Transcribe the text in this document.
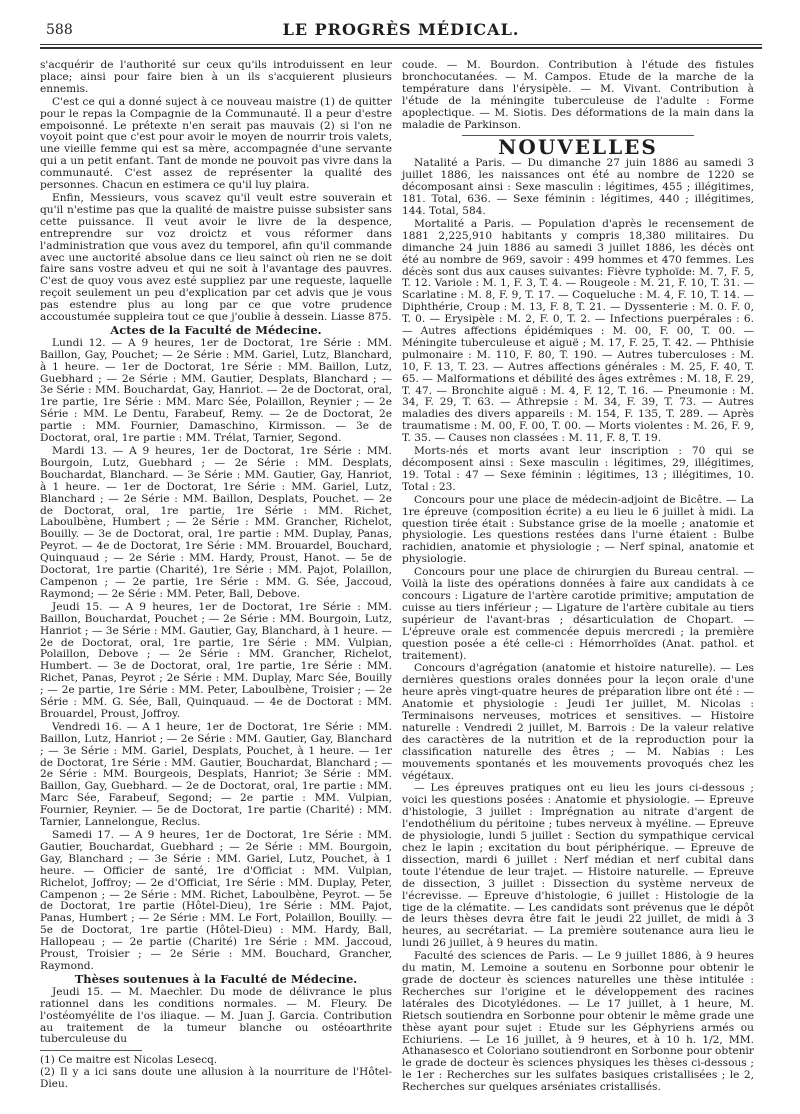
588	LE PROGRÈS MÉDICAL.

s'acquérir de l'authorité sur ceux qu'ils introduissent en leur place; ainsi pour faire bien à un ils s'acquierent plusieurs ennemis.

C'est ce qui a donné suject à ce nouveau maistre (1) de quitter pour le repas la Compagnie de la Communauté. Il a peur d'estre empoisonné. Le prétexte n'en serait pas mauvais (2) si l'on ne voyoit point que c'est pour avoir le moyen de nourrir trois valets, une vieille femme qui est sa mère, accompagnée d'une servante qui a un petit enfant. Tant de monde ne pouvoit pas vivre dans la communauté. C'est assez de représenter la qualité des personnes. Chacun en estimera ce qu'il luy plaira.

Enfin, Messieurs, vous scavez qu'il veult estre souverain et qu'il n'estime pas que la qualité de maistre puisse subsister sans cette puissance. Il veut avoir le livre de la despence, entreprendre sur voz droictz et vous réformer dans l'administration que vous avez du temporel, afin qu'il commande avec une auctorité absolue dans ce lieu sainct où rien ne se doit faire sans vostre adveu et qui ne soit à l'avantage des pauvres. C'est de quoy vous avez esté suppliez par une requeste, laquelle reçoit seulement un peu d'explication par cet advis que je vous pas estendre plus au long par ce que votre prudence accoustumée suppleira tout ce que j'oublie à dessein. Liasse 875.

Actes de la Faculté de Médecine.

Lundi 12. — A 9 heures, 1er de Doctorat, 1re Série : MM. Baillon, Gay, Pouchet; — 2e Série : MM. Gariel, Lutz, Blanchard, à 1 heure. — 1er de Doctorat, 1re Série : MM. Baillon, Lutz, Guebhard ; — 2e Série : MM. Gautier, Desplats, Blanchard ; — 3e Série : MM. Bouchardat, Gay, Hanriot. — 2e de Doctorat, oral, 1re partie, 1re Série : MM. Marc Sée, Polaillon, Reynier ; — 2e Série : MM. Le Dentu, Farabeuf, Remy. — 2e de Doctorat, 2e partie : MM. Fournier, Damaschino, Kirmisson. — 3e de Doctorat, oral, 1re partie : MM. Trélat, Tarnier, Segond.

Mardi 13. — A 9 heures, 1er de Doctorat, 1re Série : MM. Bourgoin, Lutz, Guebhard ; — 2e Série : MM. Desplats, Bouchardat, Blanchard. — 3e Série : MM. Gautier, Gay, Hanriot, à 1 heure. — 1er de Doctorat, 1re Série : MM. Gariel, Lutz, Blanchard ; — 2e Série : MM. Baillon, Desplats, Pouchet. — 2e de Doctorat, oral, 1re partie, 1re Série : MM. Richet, Laboulbène, Humbert ; — 2e Série : MM. Grancher, Richelot, Bouilly. — 3e de Doctorat, oral, 1re partie : MM. Duplay, Panas, Peyrot. — 4e de Doctorat, 1re Série : MM. Brouardel, Bouchard, Quinquaud ; — 2e Série : MM. Hardy, Proust, Hanot. — 5e de Doctorat, 1re partie (Charité), 1re Série : MM. Pajot, Polaillon, Campenon ; — 2e partie, 1re Série : MM. G. Sée, Jaccoud, Raymond; — 2e Série : MM. Peter, Ball, Debove.

Jeudi 15. — A 9 heures, 1er de Doctorat, 1re Série : MM. Baillon, Bouchardat, Pouchet ; — 2e Série : MM. Bourgoin, Lutz, Hanriot ; — 3e Série : MM. Gautier, Gay, Blanchard, à 1 heure. — 2e de Doctorat, oral, 1re partie, 1re Série : MM. Vulpian, Polaillon, Debove ; — 2e Série : MM. Grancher, Richelot, Humbert. — 3e de Doctorat, oral, 1re partie, 1re Série : MM. Richet, Panas, Peyrot ; 2e Série : MM. Duplay, Marc Sée, Bouilly ; — 2e partie, 1re Série : MM. Peter, Laboulbène, Troisier ; — 2e Série : MM. G. Sée, Ball, Quinquaud. — 4e de Doctorat : MM. Brouardel, Proust, Joffroy.

Vendredi 16. — A 1 heure, 1er de Doctorat, 1re Série : MM. Baillon, Lutz, Hanriot ; — 2e Série : MM. Gautier, Gay, Blanchard ; — 3e Série : MM. Gariel, Desplats, Pouchet, à 1 heure. — 1er de Doctorat, 1re Série : MM. Gautier, Bouchardat, Blanchard ; — 2e Série : MM. Bourgeois, Desplats, Hanriot; 3e Série : MM. Baillon, Gay, Guebhard. — 2e de Doctorat, oral, 1re partie : MM. Marc Sée, Farabeuf, Segond; — 2e partie : MM. Vulpian, Fournier, Reynier. — 5e de Doctorat, 1re partie (Charité) : MM. Tarnier, Lannelongue, Reclus.

Samedi 17. — A 9 heures, 1er de Doctorat, 1re Série : MM. Gautier, Bouchardat, Guebhard ; — 2e Série : MM. Bourgoin, Gay, Blanchard ; — 3e Série : MM. Gariel, Lutz, Pouchet, à 1 heure. — Officier de santé, 1re d'Officiat : MM. Vulpian, Richelot, Joffroy; — 2e d'Officiat, 1re Série : MM. Duplay, Peter, Campenon ; — 2e Série : MM. Richet, Laboulbène, Peyrot. — 5e de Doctorat, 1re partie (Hôtel-Dieu), 1re Série : MM. Pajot, Panas, Humbert ; — 2e Série : MM. Le Fort, Polaillon, Bouilly. — 5e de Doctorat, 1re partie (Hôtel-Dieu) : MM. Hardy, Ball, Hallopeau ; — 2e partie (Charité) 1re Série : MM. Jaccoud, Proust, Troisier ; — 2e Série : MM. Bouchard, Grancher, Raymond.

Thèses soutenues à la Faculté de Médecine.

Jeudi 15. — M. Maechler. Du mode de délivrance le plus rationnel dans les conditions normales. — M. Fleury. De l'ostéomyélite de l'os iliaque. — M. Juan J. Garcia. Contribution au traitement de la tumeur blanche ou ostéoarthrite tuberculeuse du

(1) Ce maitre est Nicolas Lesecq.
(2) Il y a ici sans doute une allusion à la nourriture de l'Hôtel-Dieu.

coude. — M. Bourdon. Contribution à l'étude des fistules bronchocutanées. — M. Campos. Etude de la marche de la température dans l'érysipèle. — M. Vivant. Contribution à l'étude de la méningite tuberculeuse de l'adulte : Forme apoplectique. — M. Siotis. Des déformations de la main dans la maladie de Parkinson.

NOUVELLES

Natalité a Paris. — Du dimanche 27 juin 1886 au samedi 3 juillet 1886, les naissances ont été au nombre de 1220 se décomposant ainsi : Sexe masculin : légitimes, 455 ; illégitimes, 181. Total, 636. — Sexe féminin : légitimes, 440 ; illégitimes, 144. Total, 584.

Mortalité a Paris. — Population d'après le recensement de 1881 2,225,910 habitants y compris 18,380 militaires. Du dimanche 24 juin 1886 au samedi 3 juillet 1886, les décès ont été au nombre de 969, savoir : 499 hommes et 470 femmes. Les décès sont dus aux causes suivantes: Fièvre typhoïde: M. 7, F. 5, T. 12. Variole : M. 1, F. 3, T. 4. — Rougeole : M. 21, F. 10, T. 31. — Scarlatine : M. 8, F. 9, T. 17. — Coqueluche : M. 4, F. 10, T. 14. — Diphthérie, Croup : M. 13, F. 8, T. 21. — Dyssenterie : M. 0. F. 0, T. 0. — Erysipèle : M. 2, F. 0, T. 2. — Infections puerpérales : 6. — Autres affections épidémiques : M. 00, F. 00, T. 00. — Méningite tuberculeuse et aiguë ; M. 17, F. 25, T. 42. — Phthisie pulmonaire : M. 110, F. 80, T. 190. — Autres tuberculoses : M. 10, F. 13, T. 23. — Autres affections générales : M. 25, F. 40, T. 65. — Malformations et débilité des âges extrêmes : M. 18, F. 29, T. 47. — Bronchite aiguë : M. 4, F. 12, T. 16. — Pneumonie : M. 34, F. 29, T. 63. — Athrepsie : M. 34, F. 39, T. 73. — Autres maladies des divers appareils : M. 154, F. 135, T. 289. — Après traumatisme : M. 00, F. 00, T. 00. — Morts violentes : M. 26, F. 9, T. 35. — Causes non classées : M. 11, F. 8, T. 19.

Morts-nés et morts avant leur inscription : 70 qui se décomposent ainsi : Sexe masculin : légitimes, 29, illégitimes, 19. Total : 47 — Sexe féminin : légitimes, 13 ; illégitimes, 10. Total : 23.

Concours pour une place de médecin-adjoint de Bicêtre. — La 1re épreuve (composition écrite) a eu lieu le 6 juillet à midi. La question tirée était : Substance grise de la moelle ; anatomie et physiologie. Les questions restées dans l'urne étaient : Bulbe rachidien, anatomie et physiologie ; — Nerf spinal, anatomie et physiologie.

Concours pour une place de chirurgien du Bureau central. — Voilà la liste des opérations données à faire aux candidats à ce concours : Ligature de l'artère carotide primitive; amputation de cuisse au tiers inférieur ; — Ligature de l'artère cubitale au tiers supérieur de l'avant-bras ; désarticulation de Chopart. — L'épreuve orale est commencée depuis mercredi ; la première question posée a été celle-ci : Hémorrhoïdes (Anat. pathol. et traitement).

Concours d'agrégation (anatomie et histoire naturelle). — Les dernières questions orales données pour la leçon orale d'une heure après vingt-quatre heures de préparation libre ont été : — Anatomie et physiologie : Jeudi 1er juillet, M. Nicolas : Terminaisons nerveuses, motrices et sensitives. — Histoire naturelle : Vendredi 2 juillet, M. Barrois : De la valeur relative des caractères de la nutrition et de la reproduction pour la classification naturelle des êtres ; — M. Nabias : Les mouvements spontanés et les mouvements provoqués chez les végétaux.

— Les épreuves pratiques ont eu lieu les jours ci-dessous ; voici les questions posées : Anatomie et physiologie. — Epreuve d'histologie, 3 juillet : Imprégnation au nitrate d'argent de l'endothélium du péritoine ; tubes nerveux à myéline. — Epreuve de physiologie, lundi 5 juillet : Section du sympathique cervical chez le lapin ; excitation du bout périphérique. — Epreuve de dissection, mardi 6 juillet : Nerf médian et nerf cubital dans toute l'étendue de leur trajet. — Histoire naturelle. — Epreuve de dissection, 3 juillet : Dissection du système nerveux de l'écrevisse. — Epreuve d'histologie, 6 juillet : Histologie de la tige de la clématite. — Les candidats sont prévenus que le dépôt de leurs thèses devra être fait le jeudi 22 juillet, de midi à 3 heures, au secrétariat. — La première soutenance aura lieu le lundi 26 juillet, à 9 heures du matin.

Faculté des sciences de Paris. — Le 9 juillet 1886, à 9 heures du matin, M. Lemoine a soutenu en Sorbonne pour obtenir le grade de docteur ès sciences naturelles une thèse intitulée : Recherches sur l'origine et le développement des racines latérales des Dicotylédones. — Le 17 juillet, à 1 heure, M. Rietsch soutiendra en Sorbonne pour obtenir le même grade une thèse ayant pour sujet : Etude sur les Géphyriens armés ou Echiuriens. — Le 16 juillet, à 9 heures, et à 10 h. 1/2, MM. Athanasesco et Coloriano soutiendront en Sorbonne pour obtenir le grade de docteur ès sciences physiques les thèses ci-dessous ; le 1er : Recherches sur les sulfates basiques cristallisées ; le 2, Recherches sur quelques arséniates cristallisés.
